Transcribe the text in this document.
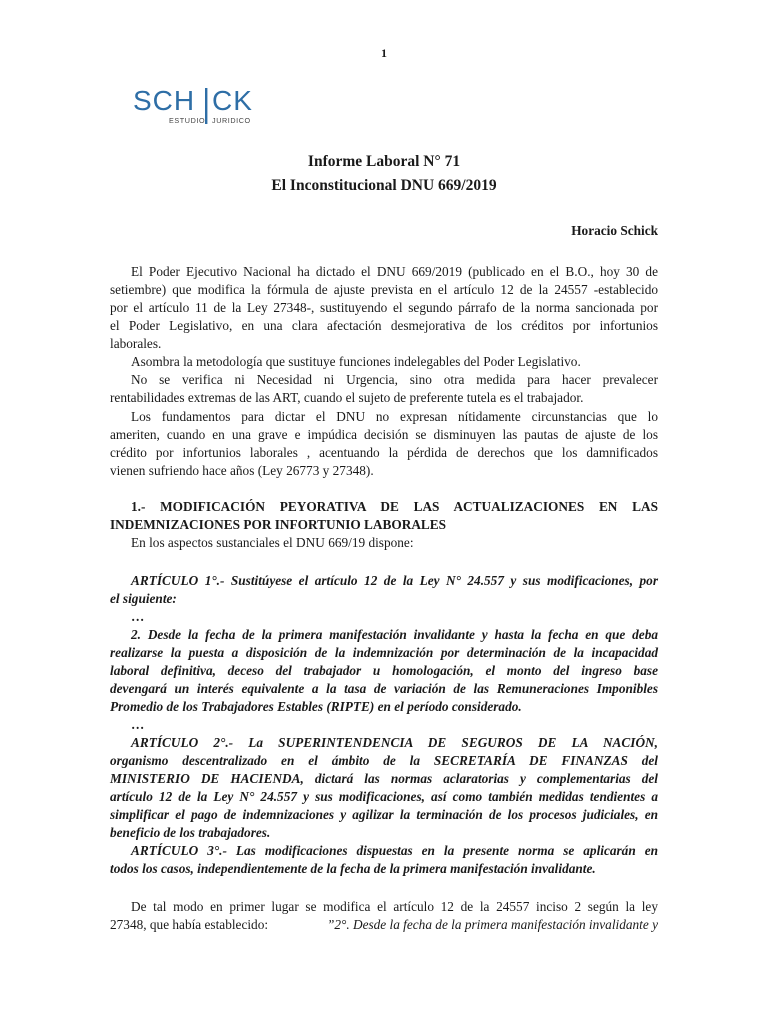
1
SCH CK
ESTUDIO JURIDICO
Informe Laboral N° 71
El Inconstitucional DNU 669/2019
Horacio Schick
El Poder Ejecutivo Nacional ha dictado el DNU 669/2019 (publicado en el B.O., hoy 30 de
setiembre) que modifica la fórmula de ajuste prevista en el artículo 12 de la 24557 -establecido
por el artículo 11 de la Ley 27348-, sustituyendo el segundo párrafo de la norma sancionada por
el Poder Legislativo, en una clara afectación desmejorativa de los créditos por infortunios
laborales.
Asombra la metodología que sustituye funciones indelegables del Poder Legislativo.
No se verifica ni Necesidad ni Urgencia, sino otra medida para hacer prevalecer
rentabilidades extremas de las ART, cuando el sujeto de preferente tutela es el trabajador.
Los fundamentos para dictar el DNU no expresan nítidamente circunstancias que lo
ameriten, cuando en una grave e impúdica decisión se disminuyen las pautas de ajuste de los
crédito por infortunios laborales , acentuando la pérdida de derechos que los damnificados
vienen sufriendo hace años (Ley 26773 y 27348).
1.- MODIFICACIÓN PEYORATIVA DE LAS ACTUALIZACIONES EN LAS
INDEMNIZACIONES POR INFORTUNIO LABORALES
En los aspectos sustanciales el DNU 669/19 dispone:
ARTÍCULO 1°.- Sustitúyese el artículo 12 de la Ley N° 24.557 y sus modificaciones, por
el siguiente:
…
2. Desde la fecha de la primera manifestación invalidante y hasta la fecha en que deba
realizarse la puesta a disposición de la indemnización por determinación de la incapacidad
laboral definitiva, deceso del trabajador u homologación, el monto del ingreso base
devengará un interés equivalente a la tasa de variación de las Remuneraciones Imponibles
Promedio de los Trabajadores Estables (RIPTE) en el período considerado.
…
ARTÍCULO 2°.- La SUPERINTENDENCIA DE SEGUROS DE LA NACIÓN,
organismo descentralizado en el ámbito de la SECRETARÍA DE FINANZAS del
MINISTERIO DE HACIENDA, dictará las normas aclaratorias y complementarias del
artículo 12 de la Ley N° 24.557 y sus modificaciones, así como también medidas tendientes a
simplificar el pago de indemnizaciones y agilizar la terminación de los procesos judiciales, en
beneficio de los trabajadores.
ARTÍCULO 3°.- Las modificaciones dispuestas en la presente norma se aplicarán en
todos los casos, independientemente de la fecha de la primera manifestación invalidante.
De tal modo en primer lugar se modifica el artículo 12 de la 24557 inciso 2 según la ley
27348, que había establecido:	”2°. Desde la fecha de la primera manifestación invalidante y
